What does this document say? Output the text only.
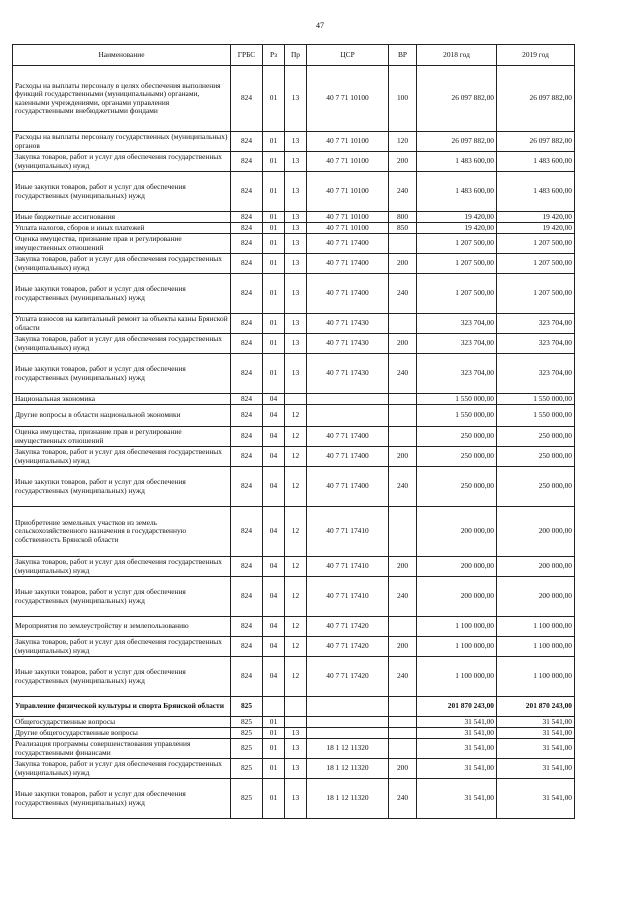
47
Наименование	ГРБС	Рз	Пр	ЦСР	ВР	2018 год	2019 год
Расходы на выплаты персоналу в целях обеспечения выполнения функций государственными (муниципальными) органами, казенными учреждениями, органами управления государственными внебюджетными фондами	824	01	13	40 7 71 10100	100	26 097 882,00	26 097 882,00
Расходы на выплаты персоналу государственных (муниципальных) органов	824	01	13	40 7 71 10100	120	26 097 882,00	26 097 882,00
Закупка товаров, работ и услуг для обеспечения государственных (муниципальных) нужд	824	01	13	40 7 71 10100	200	1 483 600,00	1 483 600,00
Иные закупки товаров, работ и услуг для обеспечения государственных (муниципальных) нужд	824	01	13	40 7 71 10100	240	1 483 600,00	1 483 600,00
Иные бюджетные ассигнования	824	01	13	40 7 71 10100	800	19 420,00	19 420,00
Уплата налогов, сборов и иных платежей	824	01	13	40 7 71 10100	850	19 420,00	19 420,00
Оценка имущества, признание прав и регулирование имущественных отношений	824	01	13	40 7 71 17400		1 207 500,00	1 207 500,00
Закупка товаров, работ и услуг для обеспечения государственных (муниципальных) нужд	824	01	13	40 7 71 17400	200	1 207 500,00	1 207 500,00
Иные закупки товаров, работ и услуг для обеспечения государственных (муниципальных) нужд	824	01	13	40 7 71 17400	240	1 207 500,00	1 207 500,00
Уплата взносов на капитальный ремонт за объекты казны Брянской области	824	01	13	40 7 71 17430		323 704,00	323 704,00
Закупка товаров, работ и услуг для обеспечения государственных (муниципальных) нужд	824	01	13	40 7 71 17430	200	323 704,00	323 704,00
Иные закупки товаров, работ и услуг для обеспечения государственных (муниципальных) нужд	824	01	13	40 7 71 17430	240	323 704,00	323 704,00
Национальная экономика	824	04				1 550 000,00	1 550 000,00
Другие вопросы в области национальной экономики	824	04	12			1 550 000,00	1 550 000,00
Оценка имущества, признание прав и регулирование имущественных отношений	824	04	12	40 7 71 17400		250 000,00	250 000,00
Закупка товаров, работ и услуг для обеспечения государственных (муниципальных) нужд	824	04	12	40 7 71 17400	200	250 000,00	250 000,00
Иные закупки товаров, работ и услуг для обеспечения государственных (муниципальных) нужд	824	04	12	40 7 71 17400	240	250 000,00	250 000,00
Приобретение земельных участков из земель сельскохозяйственного назначения в государственную собственность Брянской области	824	04	12	40 7 71 17410		200 000,00	200 000,00
Закупка товаров, работ и услуг для обеспечения государственных (муниципальных) нужд	824	04	12	40 7 71 17410	200	200 000,00	200 000,00
Иные закупки товаров, работ и услуг для обеспечения государственных (муниципальных) нужд	824	04	12	40 7 71 17410	240	200 000,00	200 000,00
Мероприятия по землеустройству и землепользованию	824	04	12	40 7 71 17420		1 100 000,00	1 100 000,00
Закупка товаров, работ и услуг для обеспечения государственных (муниципальных) нужд	824	04	12	40 7 71 17420	200	1 100 000,00	1 100 000,00
Иные закупки товаров, работ и услуг для обеспечения государственных (муниципальных) нужд	824	04	12	40 7 71 17420	240	1 100 000,00	1 100 000,00
Управление физической культуры и спорта Брянской области	825					201 870 243,00	201 870 243,00
Общегосударственные вопросы	825	01				31 541,00	31 541,00
Другие общегосударственные вопросы	825	01	13			31 541,00	31 541,00
Реализация программы совершенствования управления государственными финансами	825	01	13	18 1 12 11320		31 541,00	31 541,00
Закупка товаров, работ и услуг для обеспечения государственных (муниципальных) нужд	825	01	13	18 1 12 11320	200	31 541,00	31 541,00
Иные закупки товаров, работ и услуг для обеспечения государственных (муниципальных) нужд	825	01	13	18 1 12 11320	240	31 541,00	31 541,00
